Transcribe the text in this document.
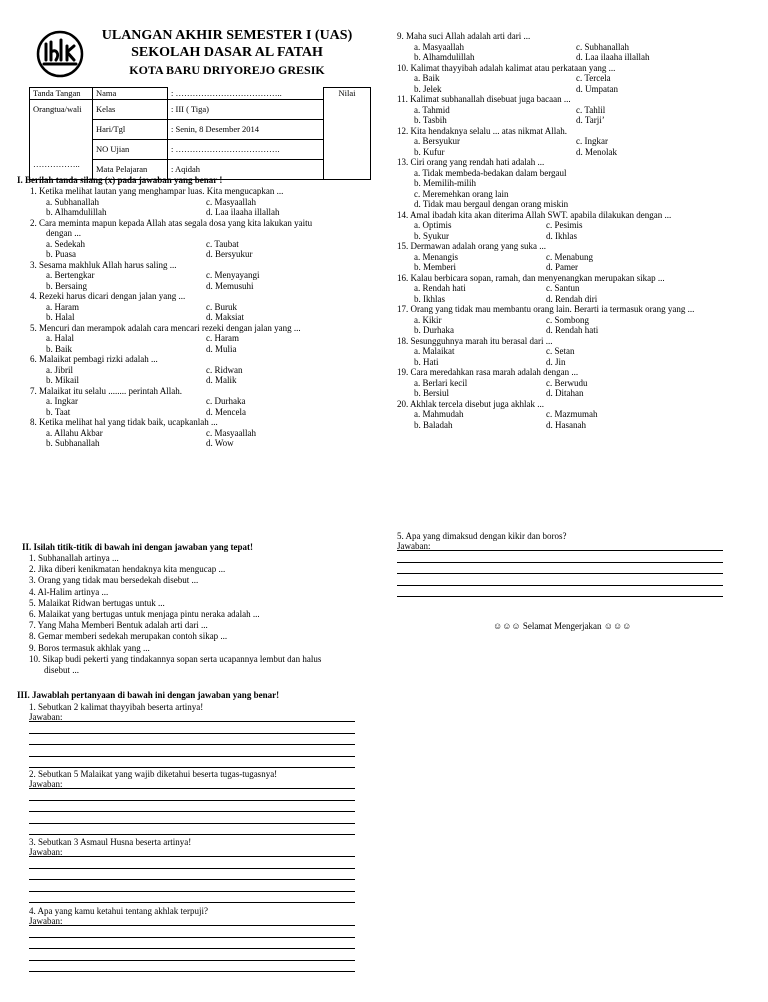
ULANGAN AKHIR SEMESTER I (UAS)
SEKOLAH DASAR AL FATAH
KOTA BARU DRIYOREJO GRESIK
Tanda Tangan	Nama	: ………………………………..	Nilai
Orangtua/wali	Kelas	: III ( Tiga)	
	Hari/Tgl	: Senin, 8 Desember 2014	
	NO Ujian	: ……………………………….	
……………..	Mata Pelajaran	: Aqidah	
I. Berilah tanda silang (x) pada jawaban yang benar !
1. Ketika melihat lautan yang menghampar luas. Kita mengucapkan ...
a. Subhanallah	c. Masyaallah
b. Alhamdulillah	d. Laa ilaaha illallah
2. Cara meminta mapun kepada Allah atas segala dosa yang kita lakukan yaitu
dengan ...
a. Sedekah	c. Taubat
b. Puasa	d. Bersyukur
3. Sesama makhluk Allah harus saling ...
a. Bertengkar	c. Menyayangi
b. Bersaing	d. Memusuhi
4. Rezeki harus dicari dengan jalan yang ...
a. Haram	c. Buruk
b. Halal	d. Maksiat
5. Mencuri dan merampok adalah cara mencari rezeki dengan jalan yang ...
a. Halal	c. Haram
b. Baik	d. Mulia
6. Malaikat pembagi rizki adalah ...
a. Jibril	c. Ridwan
b. Mikail	d. Malik
7. Malaikat itu selalu ........ perintah Allah.
a. Ingkar	c. Durhaka
b. Taat	d. Mencela
8. Ketika melihat hal yang tidak baik, ucapkanlah ...
a. Allahu Akbar	c. Masyaallah
b. Subhanallah	d. Wow
9. Maha suci Allah adalah arti dari ...
a. Masyaallah	c. Subhanallah
b. Alhamdulillah	d. Laa ilaaha illallah
10. Kalimat thayyibah adalah kalimat atau perkataan yang ...
a. Baik	c. Tercela
b. Jelek	d. Umpatan
11. Kalimat subhanallah disebuat juga bacaan ...
a. Tahmid	c. Tahlil
b. Tasbih	d. Tarji’
12. Kita hendaknya selalu ... atas nikmat Allah.
a. Bersyukur	c. Ingkar
b. Kufur	d. Menolak
13. Ciri orang yang rendah hati adalah ...
a. Tidak membeda-bedakan dalam bergaul
b. Memilih-milih
c. Meremehkan orang lain
d. Tidak mau bergaul dengan orang miskin
14. Amal ibadah kita akan diterima Allah SWT. apabila dilakukan dengan ...
a. Optimis	c. Pesimis
b. Syukur	d. Ikhlas
15. Dermawan adalah orang yang suka ...
a. Menangis	c. Menabung
b. Memberi	d. Pamer
16. Kalau berbicara sopan, ramah, dan menyenangkan merupakan sikap ...
a. Rendah hati	c. Santun
b. Ikhlas	d. Rendah diri
17. Orang yang tidak mau membantu orang lain. Berarti ia termasuk orang yang ...
a. Kikir	c. Sombong
b. Durhaka	d. Rendah hati
18. Sesungguhnya marah itu berasal dari ...
a. Malaikat	c. Setan
b. Hati	d. Jin
19. Cara meredahkan rasa marah adalah dengan ...
a. Berlari kecil	c. Berwudu
b. Bersiul	d. Ditahan
20. Akhlak tercela disebut juga akhlak ...
a. Mahmudah	c. Mazmumah
b. Baladah	d. Hasanah
II. Isilah titik-titik di bawah ini dengan jawaban yang tepat!
1. Subhanallah artinya ...
2. Jika diberi kenikmatan hendaknya kita mengucap ...
3. Orang yang tidak mau bersedekah disebut ...
4. Al-Halim artinya ...
5. Malaikat Ridwan bertugas untuk ...
6. Malaikat yang bertugas untuk menjaga pintu neraka adalah ...
7. Yang Maha Memberi Bentuk adalah arti dari ...
8. Gemar memberi sedekah merupakan contoh sikap ...
9. Boros termasuk akhlak yang ...
10. Sikap budi pekerti yang tindakannya sopan serta ucapannya lembut dan halus
disebut ...
III. Jawablah pertanyaan di bawah ini dengan jawaban yang benar!
1. Sebutkan 2 kalimat thayyibah beserta artinya!
Jawaban:
2. Sebutkan 5 Malaikat yang wajib diketahui beserta tugas-tugasnya!
Jawaban:
3. Sebutkan 3 Asmaul Husna beserta artinya!
Jawaban:
4. Apa yang kamu ketahui tentang akhlak terpuji?
Jawaban:
5. Apa yang dimaksud dengan kikir dan boros?
Jawaban:
☺☺☺ Selamat Mengerjakan ☺☺☺
